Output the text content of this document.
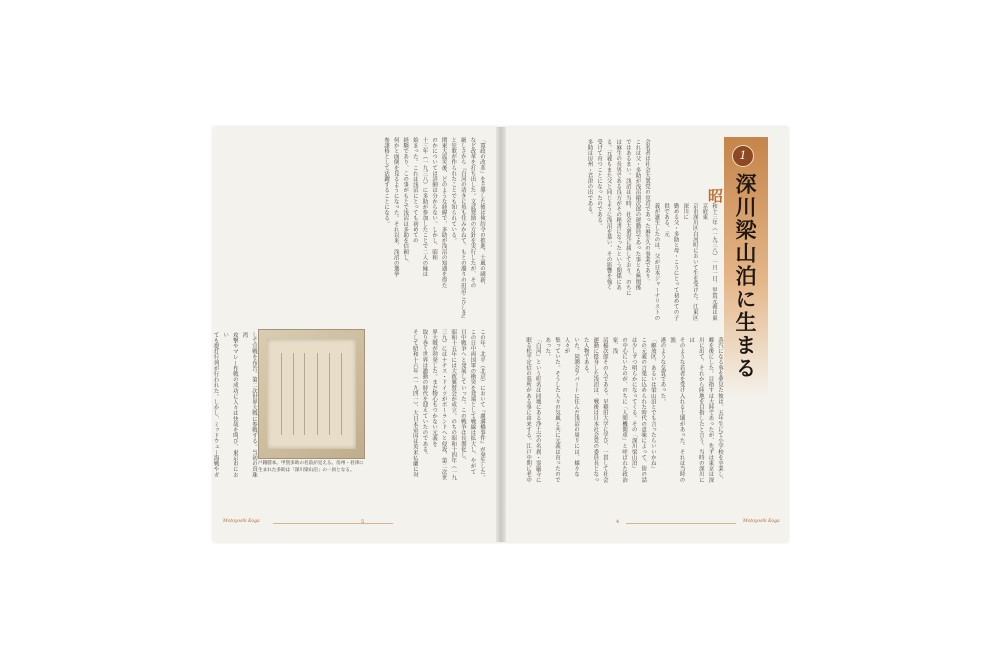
「寛政の改革」を主導した彼は倹約令の推進、士風の刷新、
など改革を打ち出した。文武奨励の方針を実行したが、その
厳しさから『白河の清きに魚も住みかねて、もとの濁りの田沼こひしき』
と狂歌が作られたことでも知られている。
関東大震災後、どのような経緯で、多助が浅沼の知遇を得た
のかについては詳細は分からない。しかし、昭和
十三年（一九三八）に多助が参加したことで二人の縁は
始まった。これは浅沼にとっても初めての
経験であり、この事がもとで浅沼は多助を信頼し、
何かと面倒を見るようになった。それ以来、浅沼の選挙
参謀格として活躍することになる。
この年、北平（北京）において『盧溝橋事件』が発生した。
この日中両国軍の衝突を発端として戦線は拡大し、やがて
日中戦争へと発展していった。この戦争は長期化し、
昭和十五年には大政翼賛会が成立。のちの昭和十四年（一九
三九）にはナチス・ドイツがポーランドへと侵攻、第二次世
界大戦が勃発した。まだ物心もつかない元義を
取り巻く世界は激動の時代を迎えていたのである。
そして昭和十六年（一九四一）、大日本帝国は英米仏蘭に対
して宣戦を布告。第二次世界大戦に参戦する。当初の真珠湾
攻撃やマレー作戦の成功に人々は快哉を叫び、東京市におい
ても提灯行列が行われた。しかし、ミッドウェー海戦やガ
戸籍謄本。甲賀多助の名前が見える。房州・君津に生まれた多助は「深川梁山泊」の一員となる。
Motoyoshi Koga	5
1
深川梁山泊に生まる
昭
和十三年（一九三八）一月一日、甲賀元義は東京府東
京市深川区白河町において生を受けた。江東区深川に
勤める父・多助と母・こうにとって初めての子供である。元
義が誕生したのは、父が日本ジャーナリストの
会名者は社会大衆党の党首であった麻生久の事業であり、
これは父・多助が浅沼稲次郎の運動員であった事とも無関係
ではあるまい。浅沼は当時、社会大衆党に属しており、のちに
は麻生の長男である良方がその秘書になったという関係にあ
る。元義もまた父と同じように浅沼を慕い、その影響を強く
受けて育つことになったのである。
多助は房州・君津の出である。
蒸汽になる事を夢見た彼は、五年生にて小学校を卒業し、
郷を後にした。目指すは大陸であったが、先ずは東京は深
川に出て、それから陸地を目指したと言う。当時の深川には
そのような若者を受け入れる土壌があった。それは当時の漁
港のような気質であった。
「解放区、あるいは梁山泊とでも言ったらいいかね」
この元義の言葉に込められた時代の意味によって、街の話
は少しずつ明らかになってくる。その「深川梁山泊」
の中心にいたのが、のちに「人間機関車」と呼ばれた政治家、浅
沼稲次郎その人である。早稲田大学に学び、一貫して社会
運動に挺身した浅沼は、戦後は日本社会党の委員長となった人物である。
いた。同潤会アパートに住んだ浅沼の周りには、様々な人々が
集っていた。そうした人々の気風と共に元義は育ったのであった。
「白河」という町名は同地にある浄土宗の名刹・霊巌寺に
眠る松平定信の墓所がある事に由来する。江戸中期に老中
4	Motoyoshi Koga
